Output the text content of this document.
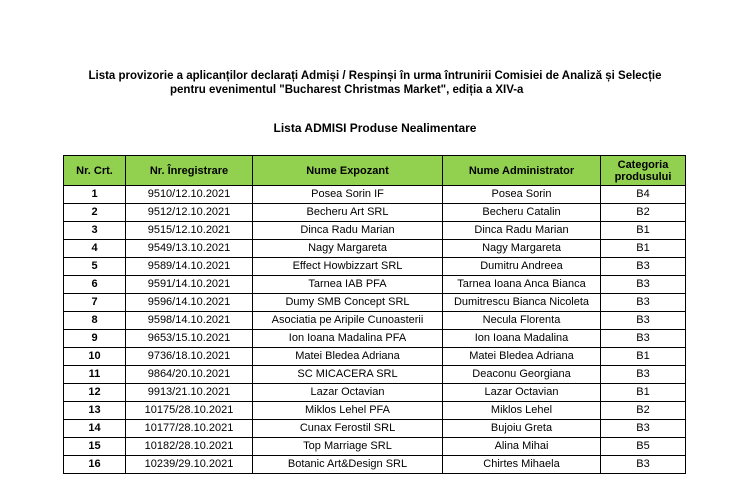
Lista provizorie a aplicanților declarați Admiși / Respinși în urma întrunirii Comisiei de Analiză și Selecție
pentru evenimentul "Bucharest Christmas Market", ediția a XIV-a
Lista ADMISI Produse Nealimentare
Nr. Crt.	Nr. Înregistrare	Nume Expozant	Nume Administrator	Categoria produsului
1	9510/12.10.2021	Posea Sorin IF	Posea Sorin	B4
2	9512/12.10.2021	Becheru Art SRL	Becheru Catalin	B2
3	9515/12.10.2021	Dinca Radu Marian	Dinca Radu Marian	B1
4	9549/13.10.2021	Nagy Margareta	Nagy Margareta	B1
5	9589/14.10.2021	Effect Howbizzart SRL	Dumitru Andreea	B3
6	9591/14.10.2021	Tarnea IAB PFA	Tarnea Ioana Anca Bianca	B3
7	9596/14.10.2021	Dumy SMB Concept SRL	Dumitrescu Bianca Nicoleta	B3
8	9598/14.10.2021	Asociatia pe Aripile Cunoasterii	Necula Florenta	B3
9	9653/15.10.2021	Ion Ioana Madalina PFA	Ion Ioana Madalina	B3
10	9736/18.10.2021	Matei Bledea Adriana	Matei Bledea Adriana	B1
11	9864/20.10.2021	SC MICACERA SRL	Deaconu Georgiana	B3
12	9913/21.10.2021	Lazar Octavian	Lazar Octavian	B1
13	10175/28.10.2021	Miklos Lehel PFA	Miklos Lehel	B2
14	10177/28.10.2021	Cunax Ferostil SRL	Bujoiu Greta	B3
15	10182/28.10.2021	Top Marriage SRL	Alina Mihai	B5
16	10239/29.10.2021	Botanic Art&Design SRL	Chirtes Mihaela	B3
